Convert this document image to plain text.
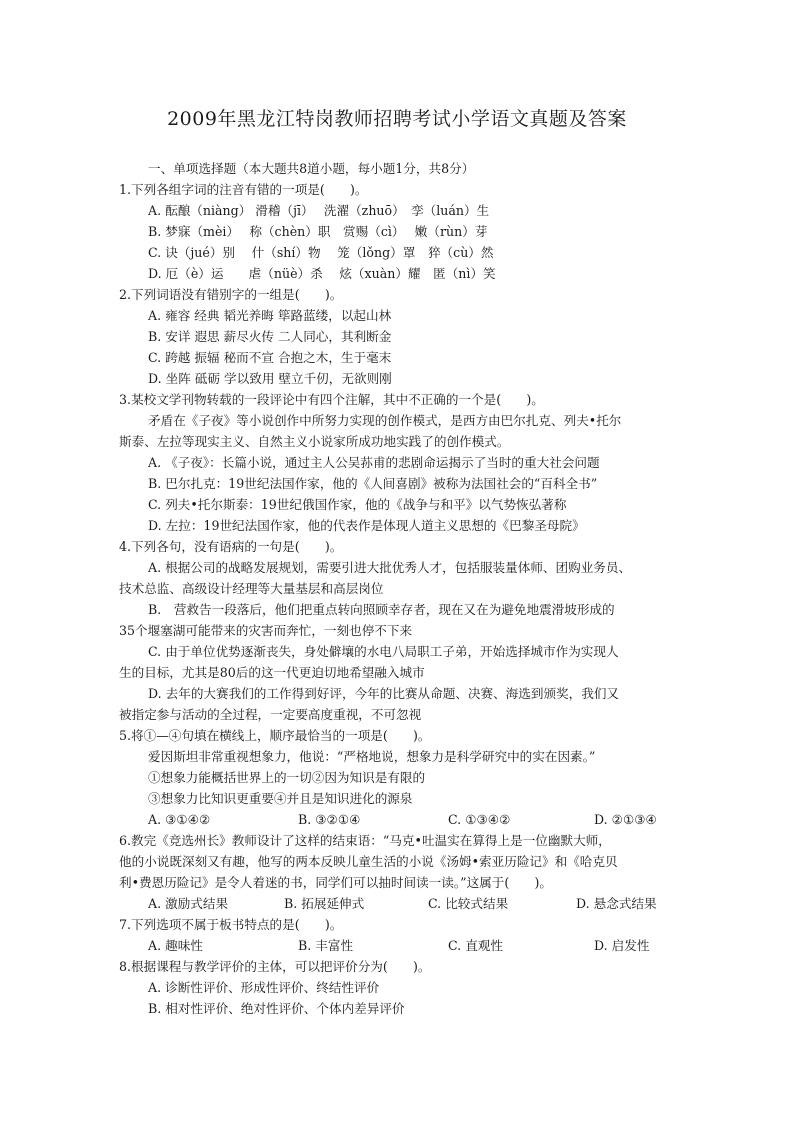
2009年黑龙江特岗教师招聘考试小学语文真题及答案
一、单项选择题（本大题共8道小题，每小题1分，共8分）
1.下列各组字词的注音有错的一项是(　　)。
A. 酝酿（niàng） 滑稽（jī）　 洗濯（zhuō）　孪（luán）生
B. 梦寐（mèi）　 称（chèn）职　赏赐（cì）　 嫩（rùn）芽
C. 诀（jué）别　 什（shí）物　 笼（lǒng）罩　猝（cù）然
D. 厄（è）运　　虐（nüè）杀　 炫（xuàn）耀　匿（nì）笑
2.下列词语没有错别字的一组是(　　)。
A. 雍容 经典 韬光养晦 筚路蓝缕，以起山林
B. 安详 遐思 薪尽火传 二人同心，其利断金
C. 跨越 振辐 秘而不宣 合抱之木，生于毫末
D. 坐阵 砥砺 学以致用 壁立千仞，无欲则刚
3.某校文学刊物转载的一段评论中有四个注解，其中不正确的一个是(　　)。
矛盾在《子夜》等小说创作中所努力实现的创作模式，是西方由巴尔扎克、列夫•托尔
斯泰、左拉等现实主义、自然主义小说家所成功地实践了的创作模式。
A. 《子夜》：长篇小说，通过主人公吴荪甫的悲剧命运揭示了当时的重大社会问题
B. 巴尔扎克：19世纪法国作家，他的《人间喜剧》被称为法国社会的“百科全书”
C. 列夫•托尔斯泰：19世纪俄国作家，他的《战争与和平》以气势恢弘著称
D. 左拉：19世纪法国作家，他的代表作是体现人道主义思想的《巴黎圣母院》
4.下列各句，没有语病的一句是(　　)。
A. 根据公司的战略发展规划，需要引进大批优秀人才，包括服装量体师、团购业务员、
技术总监、高级设计经理等大量基层和高层岗位
B.　营救告一段落后，他们把重点转向照顾幸存者，现在又在为避免地震滑坡形成的
35个堰塞湖可能带来的灾害而奔忙，一刻也停不下来
C. 由于单位优势逐渐丧失，身处僻壤的水电八局职工子弟，开始选择城市作为实现人
生的目标，尤其是80后的这一代更迫切地希望融入城市
D. 去年的大赛我们的工作得到好评，今年的比赛从命题、决赛、海选到颁奖，我们又
被指定参与活动的全过程，一定要高度重视，不可忽视
5.将①—④句填在横线上，顺序最恰当的一项是(　　)。
爱因斯坦非常重视想象力，他说：“严格地说，想象力是科学研究中的实在因素。”
①想象力能概括世界上的一切②因为知识是有限的
③想象力比知识更重要④并且是知识进化的源泉
A. ③①④②	B. ③②①④	C. ①③④②	D. ②①③④
6.教完《竞选州长》教师设计了这样的结束语：“马克•吐温实在算得上是一位幽默大师，
他的小说既深刻又有趣，他写的两本反映儿童生活的小说《汤姆•索亚历险记》和《哈克贝
利•费恩历险记》是令人着迷的书，同学们可以抽时间读一读。”这属于(　　)。
A. 激励式结果	B. 拓展延伸式	C. 比较式结果	D. 悬念式结果
7.下列选项不属于板书特点的是(　　)。
A. 趣味性	B. 丰富性	C. 直观性	D. 启发性
8.根据课程与教学评价的主体，可以把评价分为(　　)。
A. 诊断性评价、形成性评价、终结性评价
B. 相对性评价、绝对性评价、个体内差异评价
